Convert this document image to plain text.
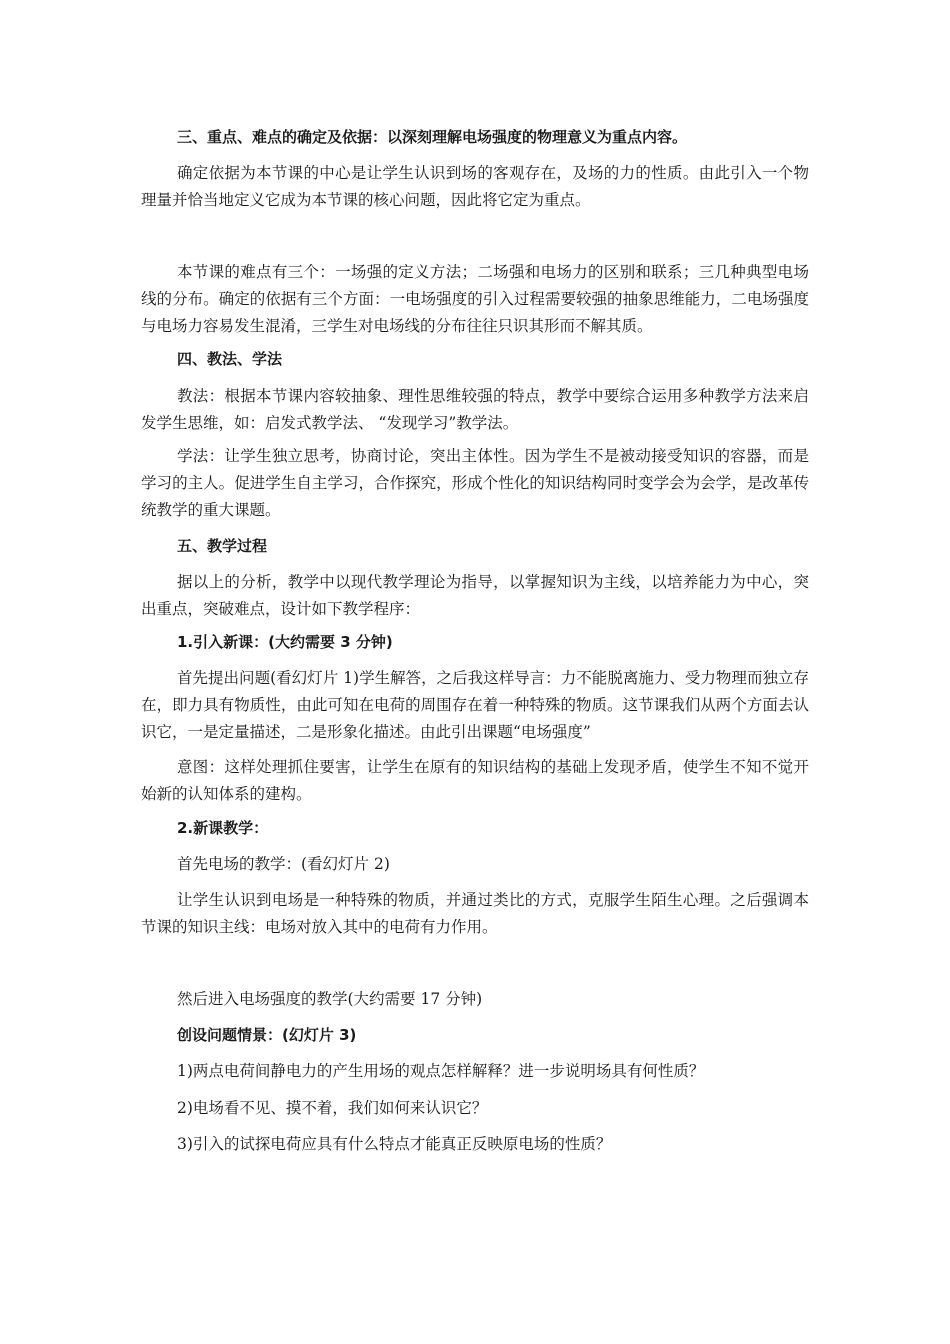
三、重点、难点的确定及依据：以深刻理解电场强度的物理意义为重点内容。

确定依据为本节课的中心是让学生认识到场的客观存在，及场的力的性质。由此引入一个物理量并恰当地定义它成为本节课的核心问题，因此将它定为重点。

本节课的难点有三个：一场强的定义方法；二场强和电场力的区别和联系；三几种典型电场线的分布。确定的依据有三个方面：一电场强度的引入过程需要较强的抽象思维能力，二电场强度与电场力容易发生混淆，三学生对电场线的分布往往只识其形而不解其质。

四、教法、学法

教法：根据本节课内容较抽象、理性思维较强的特点，教学中要综合运用多种教学方法来启发学生思维，如：启发式教学法、 “发现学习”教学法。

学法：让学生独立思考，协商讨论，突出主体性。因为学生不是被动接受知识的容器，而是学习的主人。促进学生自主学习，合作探究，形成个性化的知识结构同时变学会为会学，是改革传统教学的重大课题。

五、教学过程

据以上的分析，教学中以现代教学理论为指导，以掌握知识为主线，以培养能力为中心，突出重点，突破难点，设计如下教学程序：

1.引入新课：(大约需要 3 分钟)

首先提出问题(看幻灯片 1)学生解答，之后我这样导言：力不能脱离施力、受力物理而独立存在，即力具有物质性，由此可知在电荷的周围存在着一种特殊的物质。这节课我们从两个方面去认识它，一是定量描述，二是形象化描述。由此引出课题“电场强度”

意图：这样处理抓住要害，让学生在原有的知识结构的基础上发现矛盾，使学生不知不觉开始新的认知体系的建构。

2.新课教学：

首先电场的教学：(看幻灯片 2)

让学生认识到电场是一种特殊的物质，并通过类比的方式，克服学生陌生心理。之后强调本节课的知识主线：电场对放入其中的电荷有力作用。

然后进入电场强度的教学(大约需要 17 分钟)

创设问题情景：(幻灯片 3)

1)两点电荷间静电力的产生用场的观点怎样解释？进一步说明场具有何性质？

2)电场看不见、摸不着，我们如何来认识它？

3)引入的试探电荷应具有什么特点才能真正反映原电场的性质？
